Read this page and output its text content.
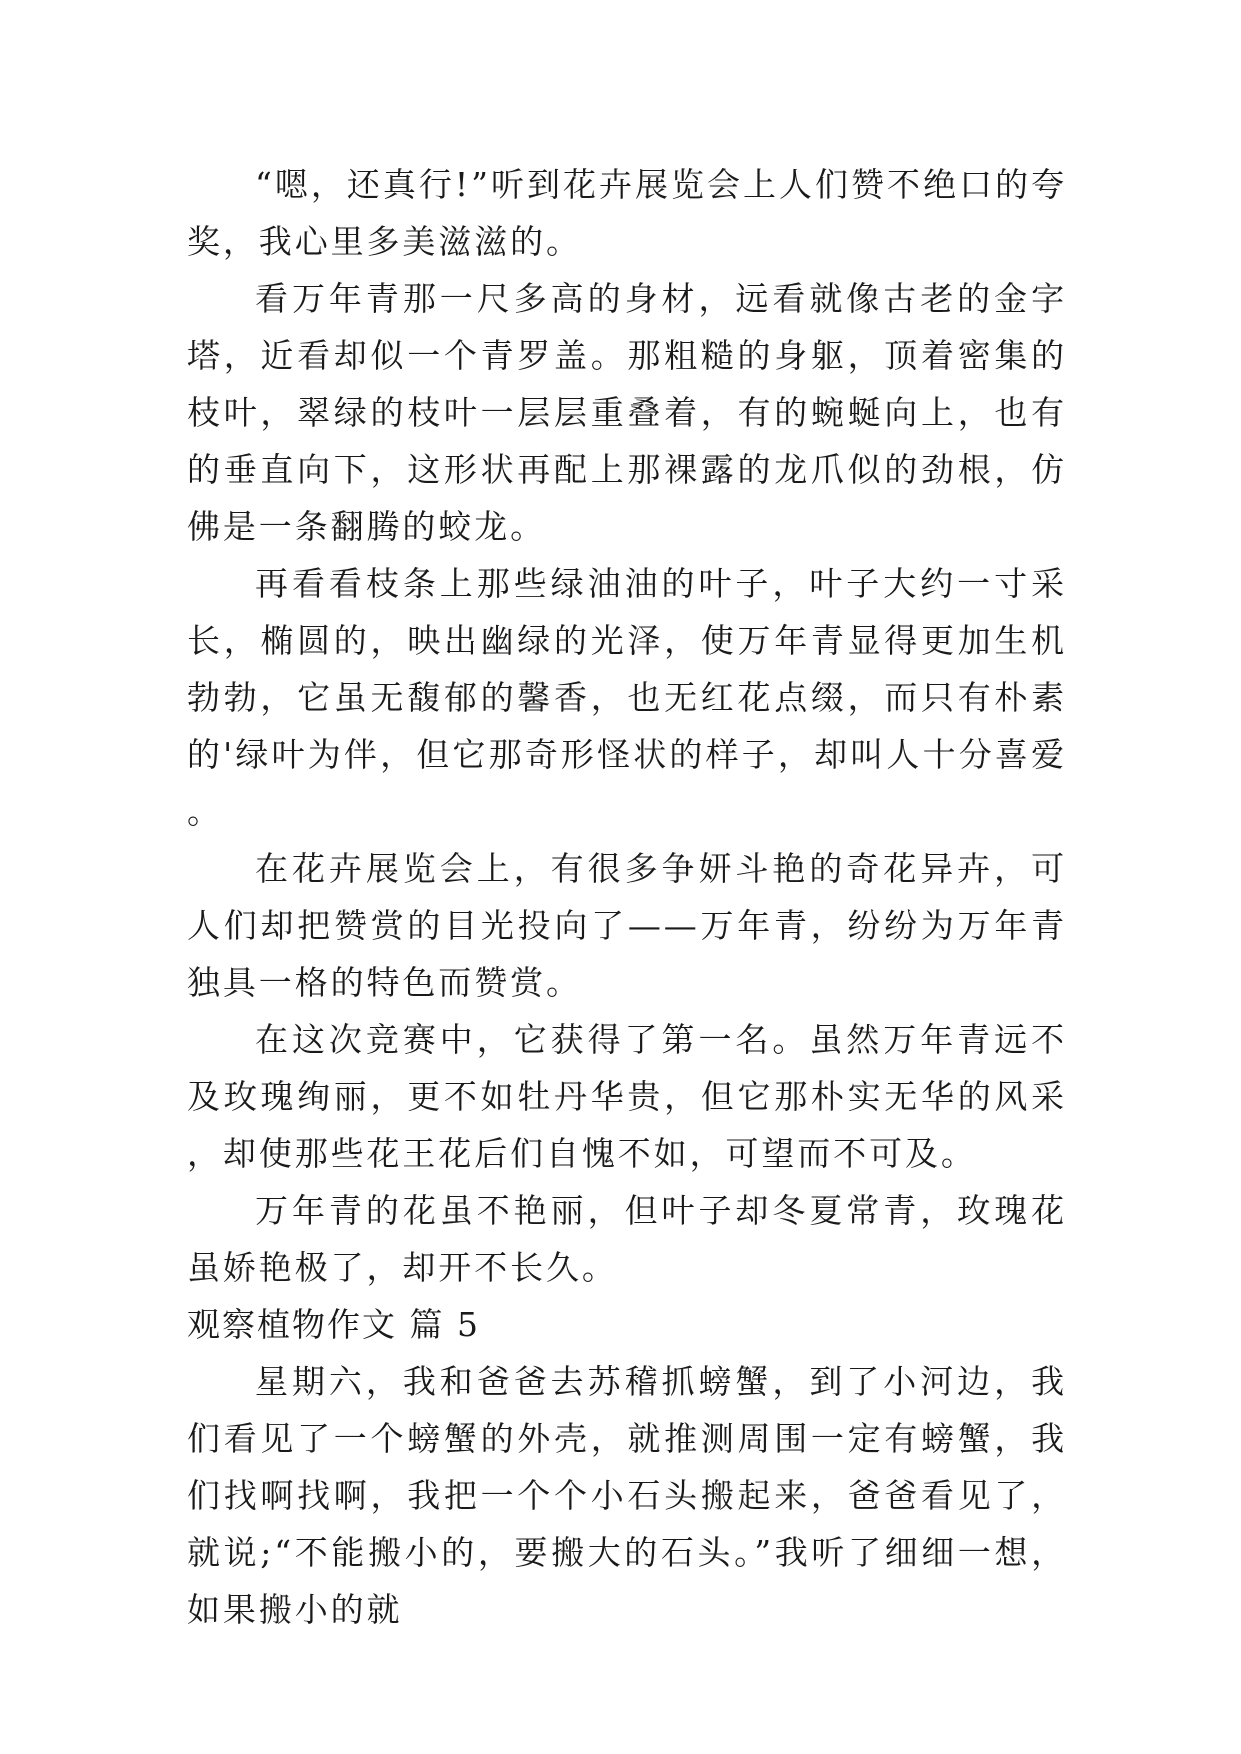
“嗯，还真行!”听到花卉展览会上人们赞不绝口的夸奖，我心里多美滋滋的。

看万年青那一尺多高的身材，远看就像古老的金字塔，近看却似一个青罗盖。那粗糙的身躯，顶着密集的枝叶，翠绿的枝叶一层层重叠着，有的蜿蜒向上，也有的垂直向下，这形状再配上那裸露的龙爪似的劲根，仿佛是一条翻腾的蛟龙。

再看看枝条上那些绿油油的叶子，叶子大约一寸采长，椭圆的，映出幽绿的光泽，使万年青显得更加生机勃勃，它虽无馥郁的馨香，也无红花点缀，而只有朴素的'绿叶为伴，但它那奇形怪状的样子，却叫人十分喜爱。

在花卉展览会上，有很多争妍斗艳的奇花异卉，可人们却把赞赏的目光投向了——万年青，纷纷为万年青独具一格的特色而赞赏。

在这次竞赛中，它获得了第一名。虽然万年青远不及玫瑰绚丽，更不如牡丹华贵，但它那朴实无华的风采，却使那些花王花后们自愧不如，可望而不可及。

万年青的花虽不艳丽，但叶子却冬夏常青，玫瑰花虽娇艳极了，却开不长久。

观察植物作文 篇 5

星期六，我和爸爸去苏稽抓螃蟹，到了小河边，我们看见了一个螃蟹的外壳，就推测周围一定有螃蟹，我们找啊找啊，我把一个个小石头搬起来，爸爸看见了，就说;“不能搬小的，要搬大的石头。”我听了细细一想，如果搬小的就
